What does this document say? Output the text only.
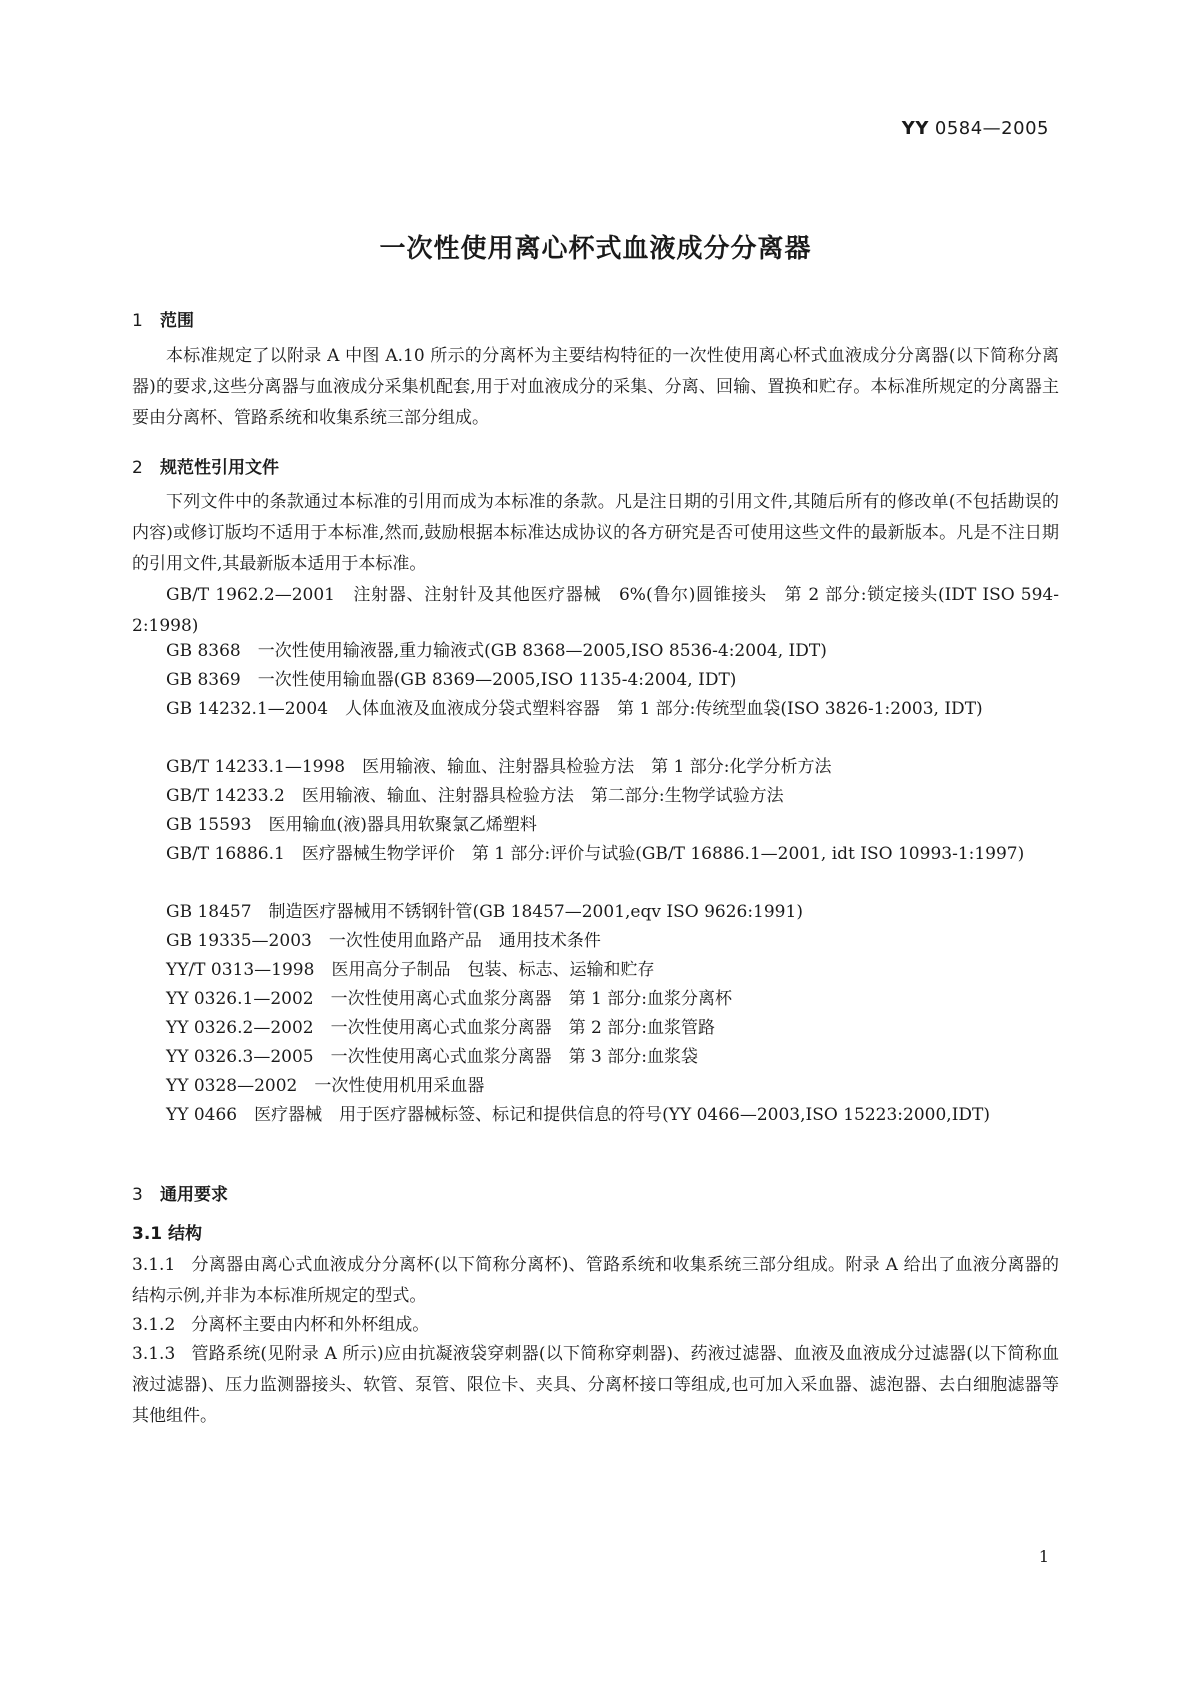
YY 0584—2005
一次性使用离心杯式血液成分分离器
1 范围
本标准规定了以附录 A 中图 A.10 所示的分离杯为主要结构特征的一次性使用离心杯式血液成分分离器(以下简称分离器)的要求,这些分离器与血液成分采集机配套,用于对血液成分的采集、分离、回输、置换和贮存。本标准所规定的分离器主要由分离杯、管路系统和收集系统三部分组成。
2 规范性引用文件
下列文件中的条款通过本标准的引用而成为本标准的条款。凡是注日期的引用文件,其随后所有的修改单(不包括勘误的内容)或修订版均不适用于本标准,然而,鼓励根据本标准达成协议的各方研究是否可使用这些文件的最新版本。凡是不注日期的引用文件,其最新版本适用于本标准。
GB/T 1962.2—2001　注射器、注射针及其他医疗器械　6%(鲁尔)圆锥接头　第 2 部分:锁定接头(IDT ISO 594-2:1998)
GB 8368　一次性使用输液器,重力输液式(GB 8368—2005,ISO 8536-4:2004, IDT)
GB 8369　一次性使用输血器(GB 8369—2005,ISO 1135-4:2004, IDT)
GB 14232.1—2004　人体血液及血液成分袋式塑料容器　第 1 部分:传统型血袋(ISO 3826-1:2003, IDT)
GB/T 14233.1—1998　医用输液、输血、注射器具检验方法　第 1 部分:化学分析方法
GB/T 14233.2　医用输液、输血、注射器具检验方法　第二部分:生物学试验方法
GB 15593　医用输血(液)器具用软聚氯乙烯塑料
GB/T 16886.1　医疗器械生物学评价　第 1 部分:评价与试验(GB/T 16886.1—2001, idt ISO 10993-1:1997)
GB 18457　制造医疗器械用不锈钢针管(GB 18457—2001,eqv ISO 9626:1991)
GB 19335—2003　一次性使用血路产品　通用技术条件
YY/T 0313—1998　医用高分子制品　包装、标志、运输和贮存
YY 0326.1—2002　一次性使用离心式血浆分离器　第 1 部分:血浆分离杯
YY 0326.2—2002　一次性使用离心式血浆分离器　第 2 部分:血浆管路
YY 0326.3—2005　一次性使用离心式血浆分离器　第 3 部分:血浆袋
YY 0328—2002　一次性使用机用采血器
YY 0466　医疗器械　用于医疗器械标签、标记和提供信息的符号(YY 0466—2003,ISO 15223:2000,IDT)
3 通用要求
3.1 结构
3.1.1 分离器由离心式血液成分分离杯(以下简称分离杯)、管路系统和收集系统三部分组成。附录 A 给出了血液分离器的结构示例,并非为本标准所规定的型式。
3.1.2 分离杯主要由内杯和外杯组成。
3.1.3 管路系统(见附录 A 所示)应由抗凝液袋穿刺器(以下简称穿刺器)、药液过滤器、血液及血液成分过滤器(以下简称血液过滤器)、压力监测器接头、软管、泵管、限位卡、夹具、分离杯接口等组成,也可加入采血器、滤泡器、去白细胞滤器等其他组件。
1
